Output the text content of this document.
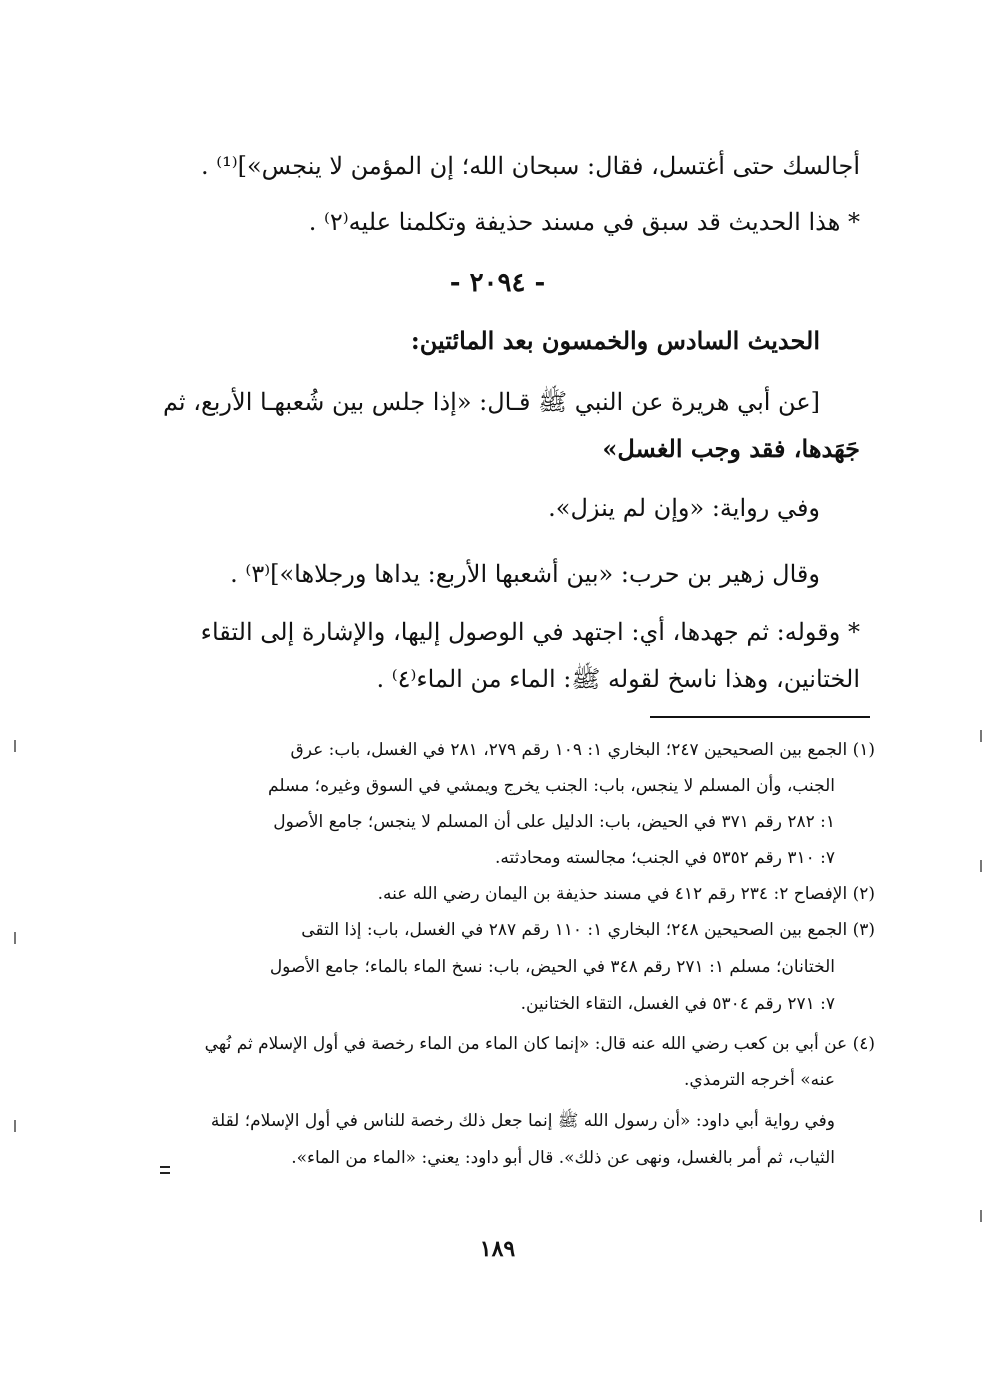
أجالسك حتى أغتسل، فقال: سبحان الله؛ إن المؤمن لا ينجس»]⁽¹⁾ .
* هذا الحديث قد سبق في مسند حذيفة وتكلمنا عليه⁽٢⁾ .
- ٢٠٩٤ -
الحديث السادس والخمسون بعد المائتين:
[عن أبي هريرة عن النبي ﷺ قـال: «إذا جلس بين شُعبهـا الأربع، ثم
جَهَدها، فقد وجب الغسل»
وفي رواية: «وإن لم ينزل».
وقال زهير بن حرب: «بين أشعبها الأربع: يداها ورجلاها»]⁽٣⁾ .
* وقوله: ثم جهدها، أي: اجتهد في الوصول إليها، والإشارة إلى التقاء
الختانين، وهذا ناسخ لقوله ﷺ: الماء من الماء⁽٤⁾ .
(١) الجمع بين الصحيحين ٢٤٧؛ البخاري ١: ١٠٩ رقم ٢٧٩، ٢٨١ في الغسل، باب: عرق
الجنب، وأن المسلم لا ينجس، باب: الجنب يخرج ويمشي في السوق وغيره؛ مسلم
١: ٢٨٢ رقم ٣٧١ في الحيض، باب: الدليل على أن المسلم لا ينجس؛ جامع الأصول
٧: ٣١٠ رقم ٥٣٥٢ في الجنب؛ مجالسته ومحادثته.
(٢) الإفصاح ٢: ٢٣٤ رقم ٤١٢ في مسند حذيفة بن اليمان رضي الله عنه.
(٣) الجمع بين الصحيحين ٢٤٨؛ البخاري ١: ١١٠ رقم ٢٨٧ في الغسل، باب: إذا التقى
الختانان؛ مسلم ١: ٢٧١ رقم ٣٤٨ في الحيض، باب: نسخ الماء بالماء؛ جامع الأصول
٧: ٢٧١ رقم ٥٣٠٤ في الغسل، التقاء الختانين.
(٤) عن أبي بن كعب رضي الله عنه قال: «إنما كان الماء من الماء رخصة في أول الإسلام ثم نُهي
عنه» أخرجه الترمذي.
وفي رواية أبي داود: «أن رسول الله ﷺ إنما جعل ذلك رخصة للناس في أول الإسلام؛ لقلة
الثياب، ثم أمر بالغسل، ونهى عن ذلك». قال أبو داود: يعني: «الماء من الماء».
١٨٩
